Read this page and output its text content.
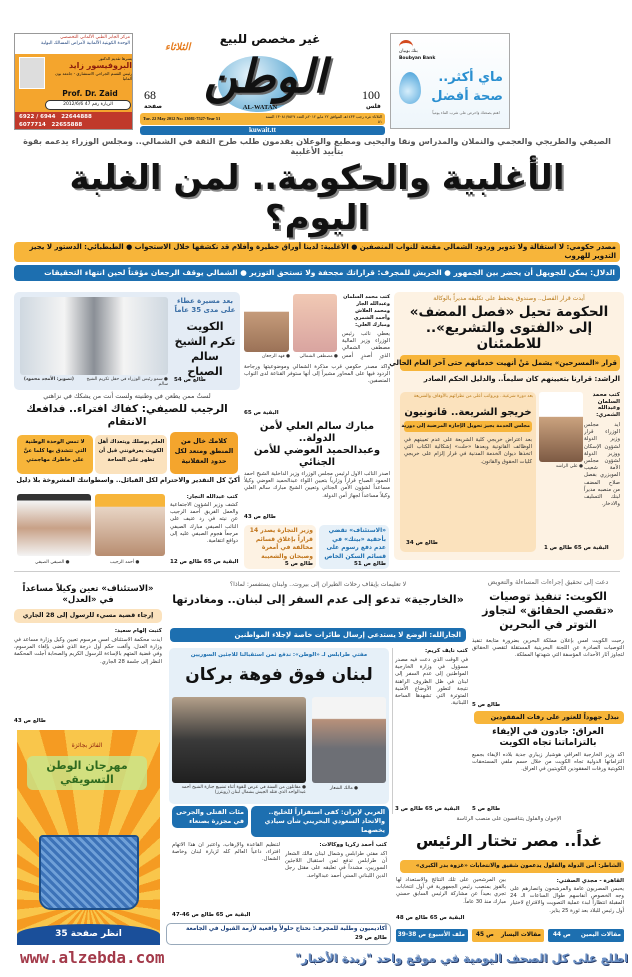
مركز الجابر الطبي الألماني التخصصي
الوحدة الكويتية الألمانية لأمراض المسالك البولية
يسرها تقديم الدكتور
البروفيسور زايد
رئيس القسم الجراحي الاستشاري - جامعة بون ألمانيا
Prof. Dr. Zaid
الزيارة رقم 47 2012/6/6
6922 / 6944 22644888
6077714 22655888
غير مخصص للبيع
الثلاثاء
الوطن
68
صفحة
100
فلس
AL-WATAN
Tue. 22 May 2012 No: 13081-7527-Year 51	الثلاثاء غرة رجب ١٤٣٣هـ الموافق ٢٢ مايو ٢٠١٢م العدد ١٣٠٨١/٧٥٢٧ السنة ٥١
kuwait.tt
بنك بوبيان
Boubyan Bank
ماي أكثر..
صحة أفضل
اهتم بصحتك واحرص على شرب الماء يومياً
الصيفي والطريجي والعجمي والنملان والمدراس ونقا واليحيى ومطيع والوعلان يقدمون طلب طرح الثقة في الشمالي.. ومجلس الوزراء يدعمه بقوة بتأييد الأغلبية
الأغلبية والحكومة.. لمن الغلبة اليوم؟
مصدر حكومي: لا استقالة ولا تدوير وردود الشمالي مقنعة للنواب المنصفين ● الأغلبية: لدينا أوراق خطيرة وأفلام قد نكشفها خلال الاستجواب ● الطبطبائي: الدستور لا يجيز التدوير للهروب
الدلال: يمكن للجويهل أن يحضر بين الجمهور ● الحريش للمجرف: قراراتك مجحفة ولا تستحق التوزير ● الشمالي يوقف الرجعان مؤقتاً لحين انتهاء التحقيقات
أيدت قرار الفصل.. وصندوق يتحفظ على تكليفه مديراً بالوكالة
الحكومة تحيل «فصل المضف» إلى «الفتوى والتشريع».. للاطمئنان
قرار «المسرحين» يشمل مَنْ أنهيت خدماتهم حتى آخر العام الحالي
الراشد: قرارنا بتعيينهم كان سليماً.. والدليل الحكم الصادر
كتب محمد السلمان وعبدالله الشمري:
أيد مجلس الوزراء قرار وزير الدولة لشؤون الإسكان ووزير الدولة لشؤون مجلس الأمة شعيب المويزري بفصل صلاح المضف من منصبه مديراً لبنك التسليف والادخار.
● علي الراشد
البقية ص 65 طالع ص 1
بعد دورة شرعية.. وبرواتب أعلى من نظرائهم بالأوقاف والشريعة
خريجو الشريعة.. قانونيون
مجلس الخدمة يجيز تحويل الإجازة المرضية إلى دورية
بعد اعتراض خريجي كلية الشريعة على عدم تعيينهم في الوظائف القانونية وبعدها «حلت» إشكالية الكتاب التي اتخذها ديوان الخدمة المدنية في قرار إلزام على خريجي كليات الحقوق والقانون.
طالع ص 34
● مصطفى الشمالي
● فهد الرجعان
كتب محمد السلمان وعبدالله الجار ومحمد العلاش وأحمد الشمري ومبارك العلي:
يعطي نائب رئيس الوزراء وزير المالية مصطفى الشمالي الذي أصدر أمس
وأكد مصدر حكومي قرب مذكرة الشمالي وموضوعيتها ورجاحة الردود فيها على المحاور مشيراً إلى أنها ستوفر القناعة لدى النواب المنصفين.
البقية ص 65
مبارك سالم العلي لأمن الدولة..
وعبدالحميد العوضي للأمن الجنائي
أصدر النائب الأول لرئيس مجلس الوزراء وزير الداخلية الشيخ أحمد الحمود الصباح قراراً وزارياً بتعيين اللواء عبدالحميد العوضي وكيلاً مساعداً لشؤون الأمن الجنائي وتعيين الشيخ مبارك سالم العلي وكيلاً مساعداً لجهاز أمن الدولة.
طالع ص 43
«الاستئناف» تقضي بأحقية «بيتك» في عدم دفع رسوم على قسائم السكن الخاص
طالع ص 51
وزير التجارة يصدر 14 قراراً بإغلاق قسائم مخالفة في أمغرة وصبحان والشعيبة
طالع ص 5
● سمو رئيس الوزراء في حفل تكريم الشيخ سالم
(تصوير: الأمجد محمود)
بعد مسيرة عطاء على مدى 35 عاماً
الكويت تكرم الشيخ سالم الصباح
طالع ص 54
لستُ ممن يطعن في وطنيته ولست أنت من يشكك في نزاهتي
الرجيب للصيفي: كفاك افتراء.. فدافعك الانتقام
كلامك خال من المنطق ومتعد لكل حدود العقلانية
العلم يوصلك ويتعداك أهل الكويت يعرفونني قبل أن تظهر على الساحة
لا تمس الوحدة الوطنية التي تتشدق بها كلما عنَّ على خاطرك مهاجمتي
أكنّ كل التقدير والاحترام لكل القبائل.. واسطوانتك المشروخة بلا دليل
كتب عبدالله النجار:
كشف وزير الشؤون الاجتماعية والعمل الفريق أحمد الرجيب عن نيته في رد عنيف على النائب الصيفي مبارك الصيفي مرجعاً هجوم الصيفي عليه إلى دوافع انتقامية.
● أحمد الرجيب
● الصيفي الصيفي	البقية ص 65 طالع ص 12
دعت إلى تحقيق إجراءات المساءلة والتعويض
الكويت: تنفيذ توصيات «تقصي الحقائق» لتجاوز التوتر في البحرين
رحبت الكويت أمس بإعلان مملكة البحرين بضرورة متابعة تنفيذ التوصيات الصادرة عن اللجنة البحرينية المستقلة لتقصي الحقائق لتجاوز آثار الأحداث المؤسفة التي شهدتها المملكة.
طالع ص 5
نبذل جهوداً للعثور على رفات المفقودين
العراق: جادون في الإيفاء بالتزاماتنا تجاه الكويت
أكد وزير الخارجية العراقي هوشيار زيباري جدية بلاده الإيفاء بجميع التزاماتها الدولية تجاه الكويت من خلال حسم ملفي المستحقات الكويتية ورفات المفقودين الكويتيين في العراق.
طالع ص 5
لا تعليمات بإيقاف رحلات الطيران إلى بيروت.. ولبنان يستفسر: لماذا؟
«الخارجية» تدعو إلى عدم السفر إلى لبنان.. ومغادرتها
الجارالله: الوضع لا يستدعي إرسال طائرات خاصة لإجلاء المواطنين
كتب نايف كريم:
في الوقت الذي دعت فيه مصدر مسؤول في وزارة الخارجية المواطنين إلى عدم السفر إلى لبنان في ظل الظروف الراهنة نتيجة لتطور الأوضاع الأمنية المتوترة التي تشهدها الساحة اللبنانية.
البقية ص 65 طالع ص 3
مفتي طرابلس لـ «الوطن»: ندفع ثمن استقبالنا للاجئين السوريين
لبنان فوق فوهة بركان
● مالك الشعار
● مقاتلون من السنة في عرض للقوة أثناء تشييع جنازة الشيخ أحمد عبدالواحد الذي قتله الجيش بشمال لبنان (رويترز)
العربي لإيران: كفى استفزازاً للخليج.. والاتحاد السعودي البحريني شأن سيادي يخصهما
مئات القتلى والجرحى في مجزرة بصنعاء
كتب أحمد زكريا ووكالات:
أكد مفتي طرابلس وشمال لبنان مالك الشعار أن طرابلس تدفع ثمن استقبال اللاجئين السوريين، مشدداً في تعليقه على مقتل رجل الدين اللبناني السني أحمد عبدالواحد.
لتنظيم القاعدة والإرهاب، واعتبر أن هذا الاتهام افتراء، داعياً العالم كله لزيارة لبنان وخاصة الشمال.
البقية ص 65 طالع ص 46-47
أكاديميون وطلبة للمجرف: نحتاج حلولاً واقعية لأزمة القبول في الجامعة طالع ص 29
«الاستئناف» تعين وكيلاً مساعداً في «العدل»
إرجاء قضية مسيء للرسول إلى 28 الجاري
كتبت إلهام سعيد:
أيدت محكمة الاستئناف أمس مرسوم تعيين وكيل وزارة مساعد في وزارة العدل، وألغت حكم أول درجة الذي قضى بإلغاء المرسوم، وفي قضية المتهم بالإساءة للرسول الكريم والصحابة أجلت المحكمة النظر إلى جلسة 28 الجاري.
طالع ص 43
الفائز بجائزة
مهرجان الوطن التسويقي
انظر صفحة 35
الإخوان والفلول يتنافسون على منصب الرئاسة
غداً.. مصر تختار الرئيس
الشاطر: أمن الدولة والفلول يدعمون شفيق والانتخابات «غزوة بدر الكبرى»
القاهرة - مجدي الصفتي:
يحبس المصريون عامة والمرشحون وأنصارهم على وجه الخصوص أنفاسهم طوال الساعات الـ 24 المقبلة انتظاراً لبدء عملية التصويت والاقتراع لاختيار أول رئيس للبلاد بعد ثورة 25 يناير.
بين المرشحين على تلك النتائج والاستعداد لها بالفوز بمنصب رئيس الجمهورية في أول انتخابات تجري بعيداً عن مشاركة الرئيس السابق حسني مبارك منذ 30 عاماً.
البقية ص 65 طالع ص 48
مقالات اليمين ص 44
مقالات اليسار ص 45
ملف الأسبوع ص 38-39
www.alzebda.com	اطلع على كل الصحف اليومية في موقع واحد "زبدة الأخبار"
